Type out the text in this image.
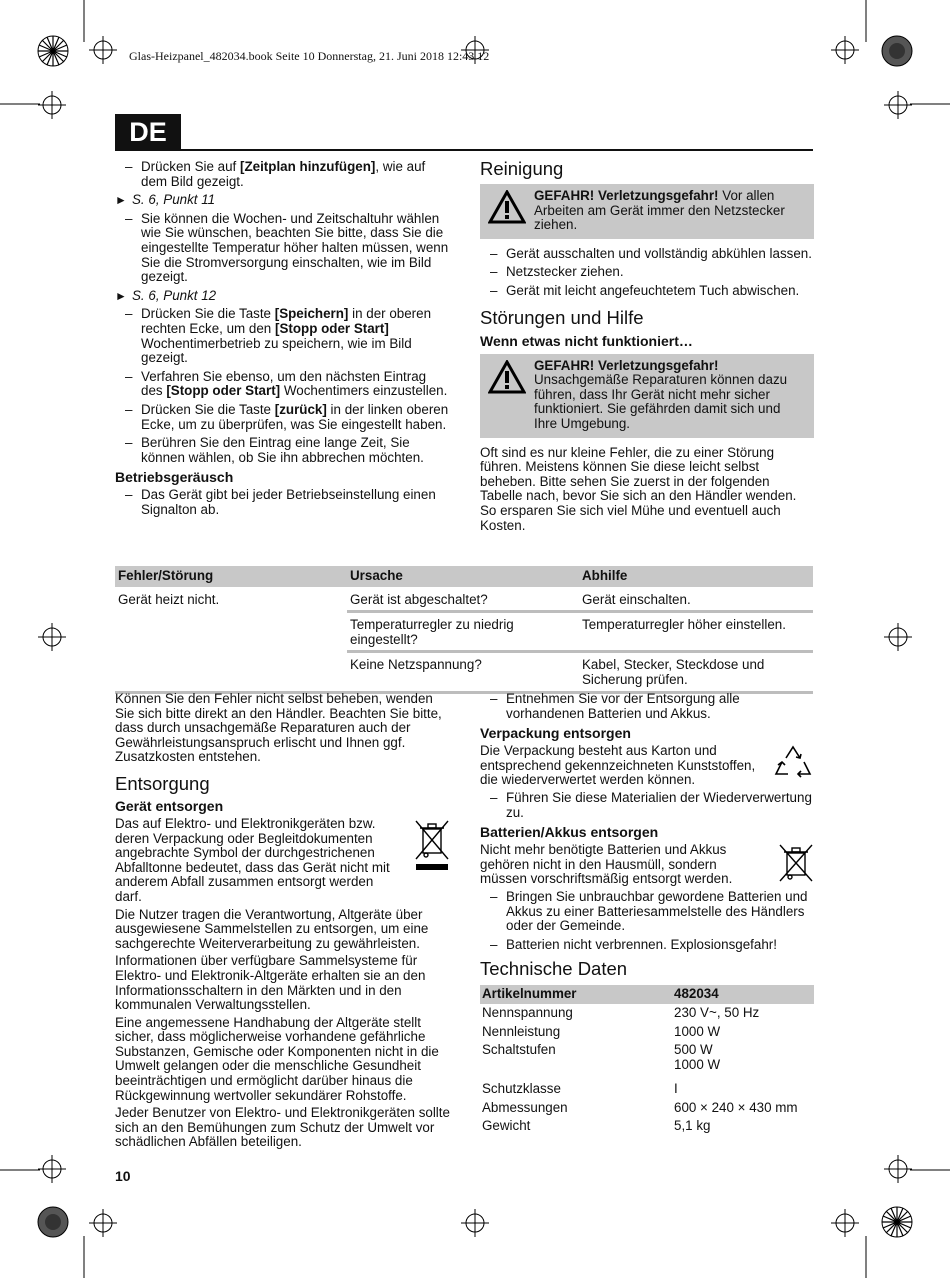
Glas-Heizpanel_482034.book Seite 10 Donnerstag, 21. Juni 2018 12:43 12
DE

– Drücken Sie auf [Zeitplan hinzufügen], wie auf dem Bild gezeigt.

► S. 6, Punkt 11

– Sie können die Wochen- und Zeitschaltuhr wählen wie Sie wünschen, beachten Sie bitte, dass Sie die eingestellte Temperatur höher halten müssen, wenn Sie die Stromversorgung einschalten, wie im Bild gezeigt.

► S. 6, Punkt 12

– Drücken Sie die Taste [Speichern] in der oberen rechten Ecke, um den [Stopp oder Start] Wochentimerbetrieb zu speichern, wie im Bild gezeigt.

– Verfahren Sie ebenso, um den nächsten Eintrag des [Stopp oder Start] Wochentimers einzustellen.

– Drücken Sie die Taste [zurück] in der linken oberen Ecke, um zu überprüfen, was Sie eingestellt haben.

– Berühren Sie den Eintrag eine lange Zeit, Sie können wählen, ob Sie ihn abbrechen möchten.

Betriebsgeräusch

– Das Gerät gibt bei jeder Betriebseinstellung einen Signalton ab.

Reinigung
GEFAHR! Verletzungsgefahr! Vor allen Arbeiten am Gerät immer den Netzstecker ziehen.

– Gerät ausschalten und vollständig abkühlen lassen.

– Netzstecker ziehen.

– Gerät mit leicht angefeuchtetem Tuch abwischen.

Störungen und Hilfe
Wenn etwas nicht funktioniert…
GEFAHR! Verletzungsgefahr! Unsachgemäße Reparaturen können dazu führen, dass Ihr Gerät nicht mehr sicher funktioniert. Sie gefährden damit sich und Ihre Umgebung.

Oft sind es nur kleine Fehler, die zu einer Störung führen. Meistens können Sie diese leicht selbst beheben. Bitte sehen Sie zuerst in der folgenden Tabelle nach, bevor Sie sich an den Händler wenden. So ersparen Sie sich viel Mühe und eventuell auch Kosten.

Fehler/Störung	Ursache	Abhilfe
Gerät heizt nicht.	Gerät ist abgeschaltet?	Gerät einschalten.
	Temperaturregler zu niedrig eingestellt?	Temperaturregler höher einstellen.
	Keine Netzspannung?	Kabel, Stecker, Steckdose und Sicherung prüfen.

Können Sie den Fehler nicht selbst beheben, wenden Sie sich bitte direkt an den Händler. Beachten Sie bitte, dass durch unsachgemäße Reparaturen auch der Gewährleistungsanspruch erlischt und Ihnen ggf. Zusatzkosten entstehen.

Entsorgung
Gerät entsorgen

Das auf Elektro- und Elektronikgeräten bzw. deren Verpackung oder Begleitdokumenten angebrachte Symbol der durchgestrichenen Abfalltonne bedeutet, dass das Gerät nicht mit anderem Abfall zusammen entsorgt werden darf.

Die Nutzer tragen die Verantwortung, Altgeräte über ausgewiesene Sammelstellen zu entsorgen, um eine sachgerechte Weiterverarbeitung zu gewährleisten.

Informationen über verfügbare Sammelsysteme für Elektro- und Elektronik-Altgeräte erhalten sie an den Informationsschaltern in den Märkten und in den kommunalen Verwaltungsstellen.

Eine angemessene Handhabung der Altgeräte stellt sicher, dass möglicherweise vorhandene gefährliche Substanzen, Gemische oder Komponenten nicht in die Umwelt gelangen oder die menschliche Gesundheit beeinträchtigen und ermöglicht darüber hinaus die Rückgewinnung wertvoller sekundärer Rohstoffe.

Jeder Benutzer von Elektro- und Elektronikgeräten sollte sich an den Bemühungen zum Schutz der Umwelt vor schädlichen Abfällen beteiligen.

– Entnehmen Sie vor der Entsorgung alle vorhandenen Batterien und Akkus.

Verpackung entsorgen

Die Verpackung besteht aus Karton und entsprechend gekennzeichneten Kunststoffen, die wiederverwertet werden können.

– Führen Sie diese Materialien der Wiederverwertung zu.

Batterien/Akkus entsorgen

Nicht mehr benötigte Batterien und Akkus gehören nicht in den Hausmüll, sondern müssen vorschriftsmäßig entsorgt werden.

– Bringen Sie unbrauchbar gewordene Batterien und Akkus zu einer Batteriesammelstelle des Händlers oder der Gemeinde.

– Batterien nicht verbrennen. Explosionsgefahr!

Technische Daten
Artikelnummer	482034
Nennspannung	230 V~, 50 Hz
Nennleistung	1000 W
Schaltstufen	500 W
1000 W
Schutzklasse	I
Abmessungen	600 × 240 × 430 mm
Gewicht	5,1 kg
10
